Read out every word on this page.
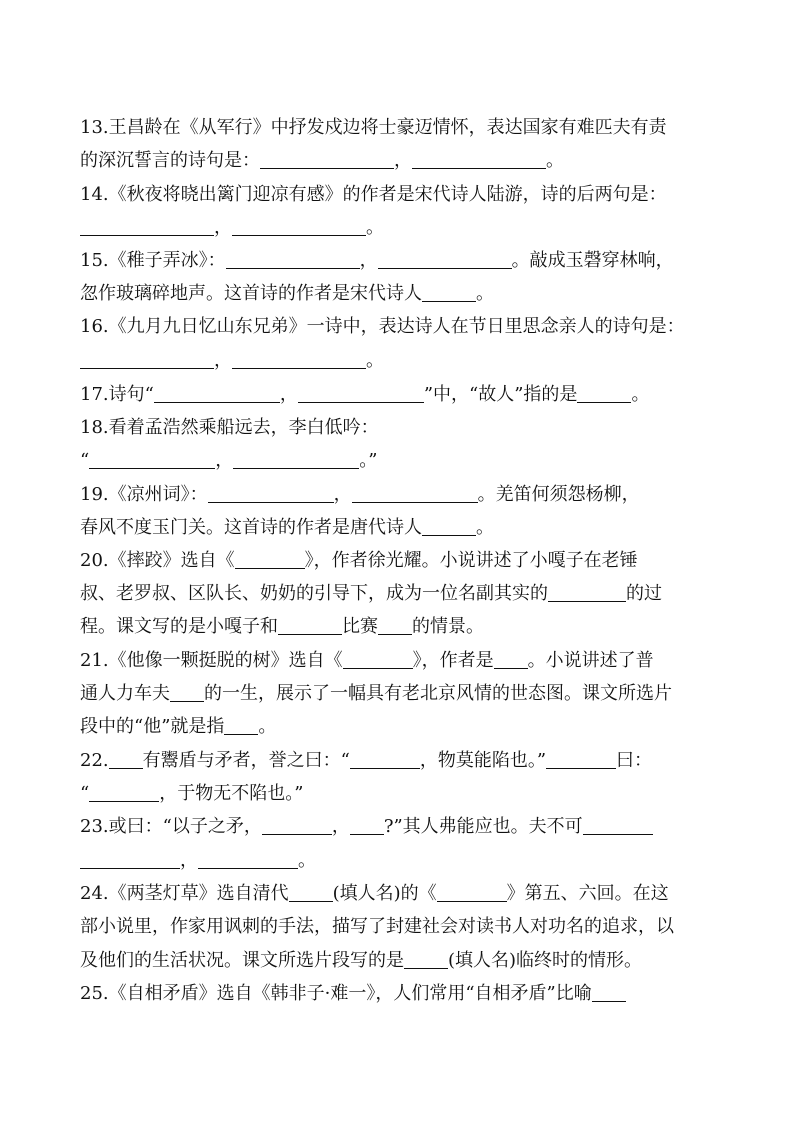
13.王昌龄在《从军行》中抒发戍边将士豪迈情怀，表达国家有难匹夫有责
的深沉誓言的诗句是：	，	。
14.《秋夜将晓出篱门迎凉有感》的作者是宋代诗人陆游，诗的后两句是：
，	。
15.《稚子弄冰》：	，	。敲成玉磬穿林响，
忽作玻璃碎地声。这首诗的作者是宋代诗人	。
16.《九月九日忆山东兄弟》一诗中，表达诗人在节日里思念亲人的诗句是：
，	。
17.诗句“	，	”中，“故人”指的是	。
18.看着孟浩然乘船远去，李白低吟：
“	，	。”
19.《凉州词》：	，	。羌笛何须怨杨柳，
春风不度玉门关。这首诗的作者是唐代诗人	。
20.《摔跤》选自《	》，作者徐光耀。小说讲述了小嘎子在老锤
叔、老罗叔、区队长、奶奶的引导下，成为一位名副其实的	的过
程。课文写的是小嘎子和	比赛 的情景。
21.《他像一颗挺脱的树》选自《	》，作者是 。小说讲述了普
通人力车夫 的一生，展示了一幅具有老北京风情的世态图。课文所选片
段中的“他”就是指 。
22. 有鬻盾与矛者，誉之曰：“	，物莫能陷也。”	曰：
“	，于物无不陷也。”
23.或曰：“以子之矛，	， ?”其人弗能应也。夫不可
，	。
24.《两茎灯草》选自清代 (填人名)的《	》第五、六回。在这
部小说里，作家用讽刺的手法，描写了封建社会对读书人对功名的追求，以
及他们的生活状况。课文所选片段写的是 (填人名)临终时的情形。
25.《自相矛盾》选自《韩非子·难一》，人们常用“自相矛盾”比喻
